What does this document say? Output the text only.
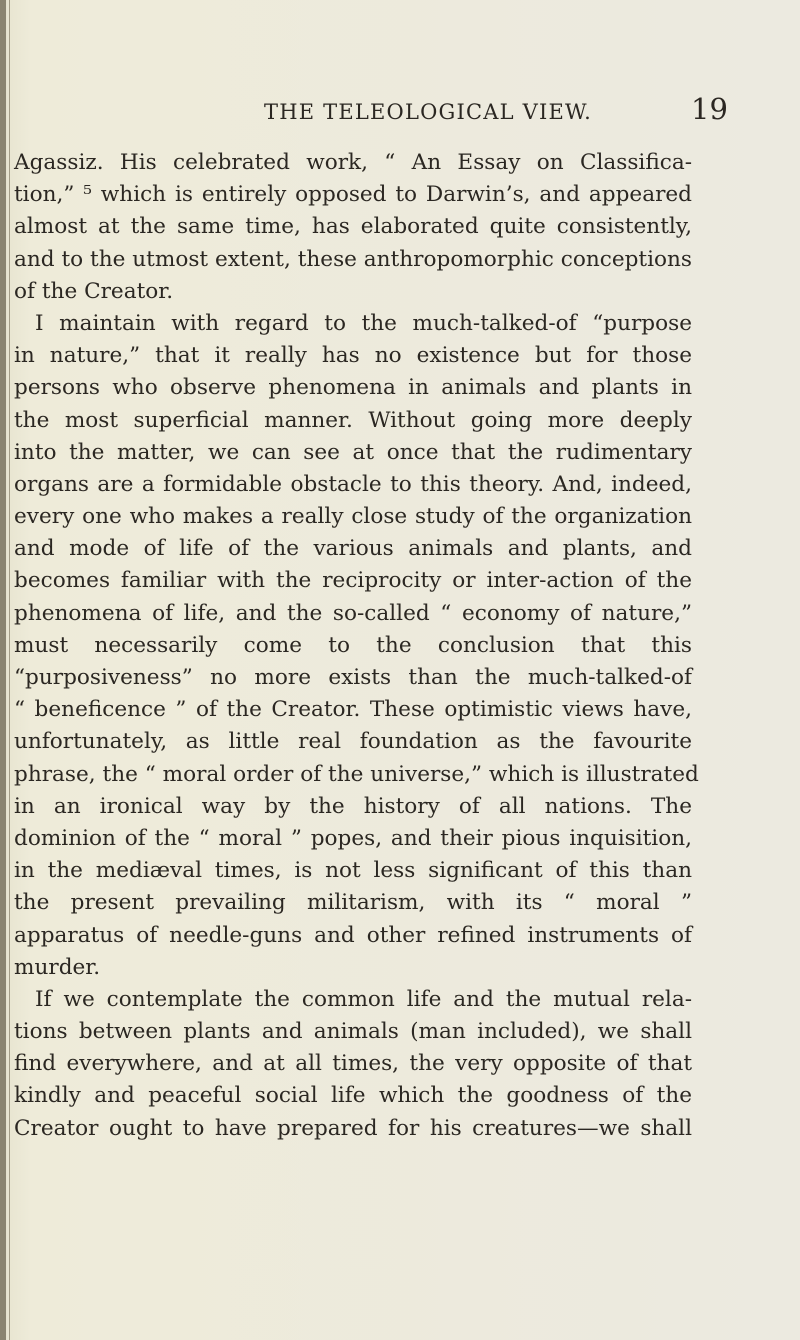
THE TELEOLOGICAL VIEW.	19
Agassiz. His celebrated work, “ An Essay on Classifica-
tion,” ⁵ which is entirely opposed to Darwin’s, and appeared
almost at the same time, has elaborated quite consistently,
and to the utmost extent, these anthropomorphic conceptions
of the Creator.
I maintain with regard to the much-talked-of “purpose
in nature,” that it really has no existence but for those
persons who observe phenomena in animals and plants in
the most superficial manner. Without going more deeply
into the matter, we can see at once that the rudimentary
organs are a formidable obstacle to this theory. And, indeed,
every one who makes a really close study of the organization
and mode of life of the various animals and plants, and
becomes familiar with the reciprocity or inter-action of the
phenomena of life, and the so-called “ economy of nature,”
must necessarily come to the conclusion that this
“purposiveness” no more exists than the much-talked-of
“ beneficence ” of the Creator. These optimistic views have,
unfortunately, as little real foundation as the favourite
phrase, the “ moral order of the universe,” which is illustrated
in an ironical way by the history of all nations. The
dominion of the “ moral ” popes, and their pious inquisition,
in the mediæval times, is not less significant of this than
the present prevailing militarism, with its “ moral ”
apparatus of needle-guns and other refined instruments of
murder.
If we contemplate the common life and the mutual rela-
tions between plants and animals (man included), we shall
find everywhere, and at all times, the very opposite of that
kindly and peaceful social life which the goodness of the
Creator ought to have prepared for his creatures—we shall
